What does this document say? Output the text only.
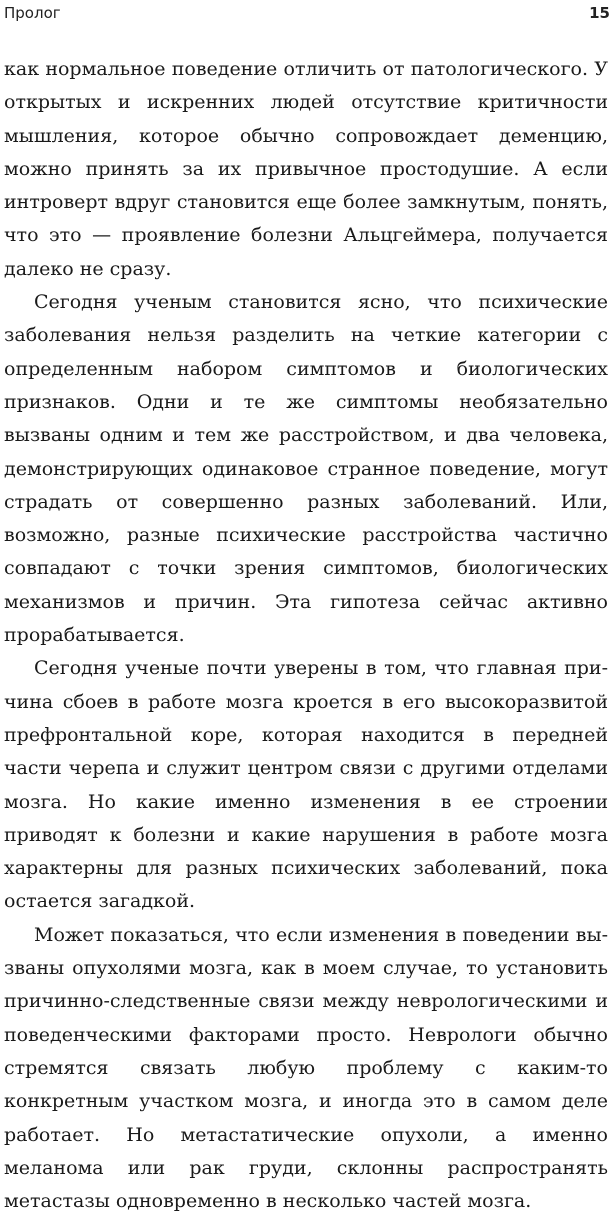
Пролог	15

как нормальное поведение отличить от патологического. У открытых и искренних людей отсутствие критичности мышления, которое обычно сопровождает деменцию, можно принять за их привычное простодушие. А если интроверт вдруг становится еще более замкнутым, понять, что это — проявление болезни Альцгеймера, получается далеко не сразу.

Сегодня ученым становится ясно, что психические заболевания нельзя разделить на четкие категории с определенным набором симптомов и биологических признаков. Одни и те же симптомы необязательно вызваны одним и тем же расстройством, и два человека, демонстрирующих одинаковое странное поведение, могут страдать от совершенно разных заболеваний. Или, возможно, разные психические расстройства частично совпадают с точки зрения симптомов, биологических механизмов и причин. Эта гипотеза сейчас активно прорабатывается.

Сегодня ученые почти уверены в том, что главная причина сбоев в работе мозга кроется в его высокоразвитой префронтальной коре, которая находится в передней части черепа и служит центром связи с другими отделами мозга. Но какие именно изменения в ее строении приводят к болезни и какие нарушения в работе мозга характерны для разных психических заболеваний, пока остается загадкой.

Может показаться, что если изменения в поведении вызваны опухолями мозга, как в моем случае, то установить причинно-следственные связи между неврологическими и поведенческими факторами просто. Неврологи обычно стремятся связать любую проблему с каким-то конкретным участком мозга, и иногда это в самом деле работает. Но метастатические опухоли, а именно меланома или рак груди, склонны распространять метастазы одновременно в несколько частей мозга.
